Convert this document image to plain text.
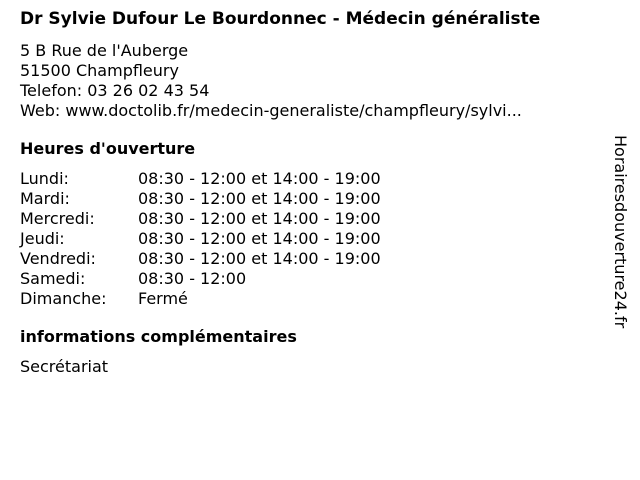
Dr Sylvie Dufour Le Bourdonnec - Médecin généraliste
5 B Rue de l'Auberge
51500 Champfleury
Telefon: 03 26 02 43 54
Web: www.doctolib.fr/medecin-generaliste/champfleury/sylvi...
Heures d'ouverture
Lundi:	08:30 - 12:00 et 14:00 - 19:00
Mardi:	08:30 - 12:00 et 14:00 - 19:00
Mercredi:	08:30 - 12:00 et 14:00 - 19:00
Jeudi:	08:30 - 12:00 et 14:00 - 19:00
Vendredi:	08:30 - 12:00 et 14:00 - 19:00
Samedi:	08:30 - 12:00
Dimanche:	Fermé
informations complémentaires
Secrétariat
Horairesdouverture24.fr
